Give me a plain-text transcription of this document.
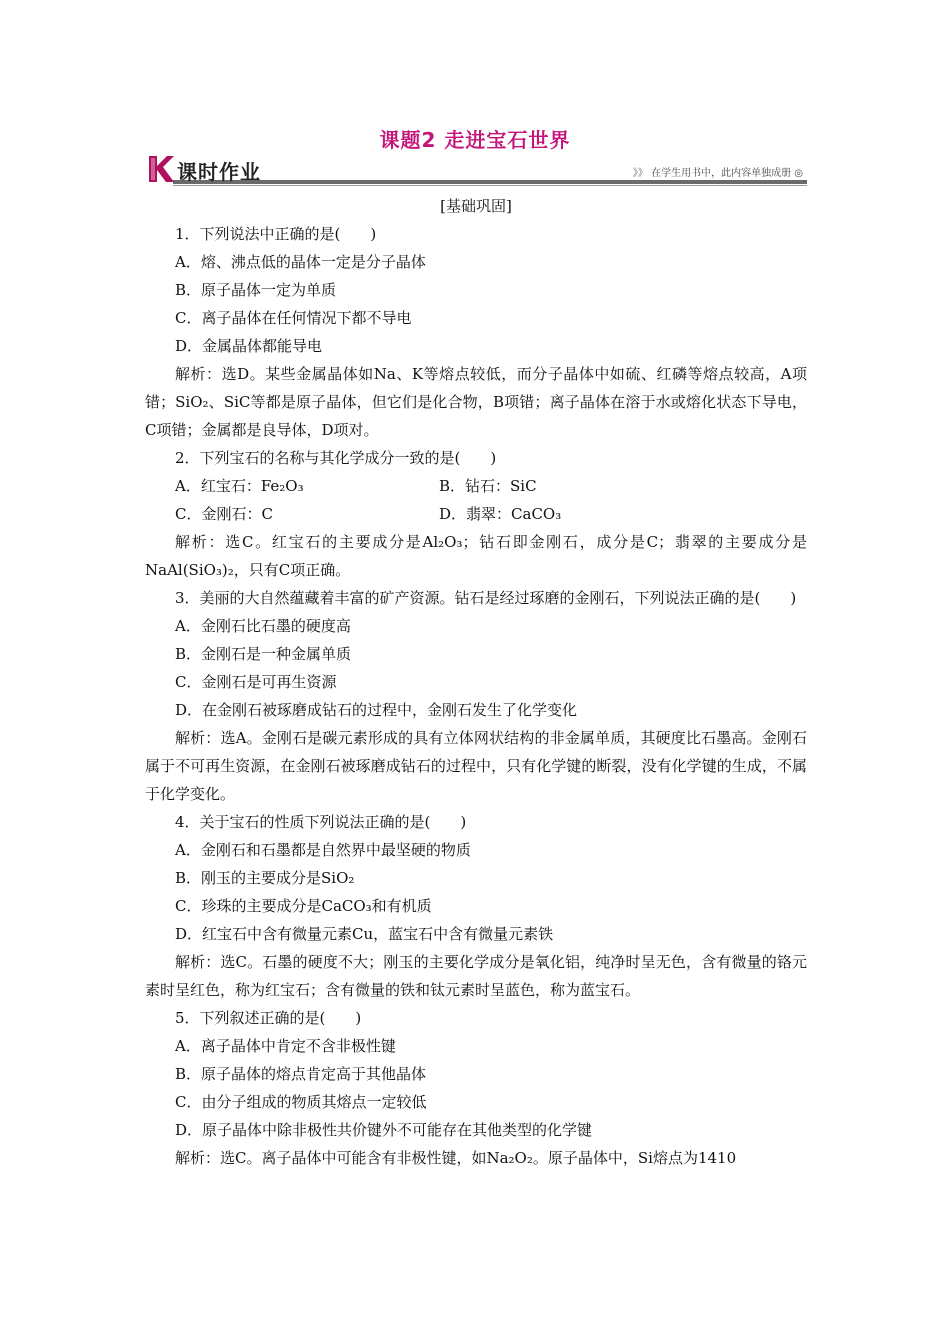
课题2 走进宝石世界
课时作业	》》 在学生用书中，此内容单独成册 ◎
[基础巩固]

1．下列说法中正确的是(　　)

A．熔、沸点低的晶体一定是分子晶体

B．原子晶体一定为单质

C．离子晶体在任何情况下都不导电

D．金属晶体都能导电

解析：选D。某些金属晶体如Na、K等熔点较低，而分子晶体中如硫、红磷等熔点较高，A项错；SiO₂、SiC等都是原子晶体，但它们是化合物，B项错；离子晶体在溶于水或熔化状态下导电，C项错；金属都是良导体，D项对。

2．下列宝石的名称与其化学成分一致的是(　　)

A．红宝石：Fe₂O₃	B．钻石：SiC
C．金刚石：C	D．翡翠：CaCO₃

解析：选C。红宝石的主要成分是Al₂O₃；钻石即金刚石，成分是C；翡翠的主要成分是NaAl(SiO₃)₂，只有C项正确。

3．美丽的大自然蕴藏着丰富的矿产资源。钻石是经过琢磨的金刚石，下列说法正确的是(　　)

A．金刚石比石墨的硬度高

B．金刚石是一种金属单质

C．金刚石是可再生资源

D．在金刚石被琢磨成钻石的过程中，金刚石发生了化学变化

解析：选A。金刚石是碳元素形成的具有立体网状结构的非金属单质，其硬度比石墨高。金刚石属于不可再生资源，在金刚石被琢磨成钻石的过程中，只有化学键的断裂，没有化学键的生成，不属于化学变化。

4．关于宝石的性质下列说法正确的是(　　)

A．金刚石和石墨都是自然界中最坚硬的物质

B．刚玉的主要成分是SiO₂

C．珍珠的主要成分是CaCO₃和有机质

D．红宝石中含有微量元素Cu，蓝宝石中含有微量元素铁

解析：选C。石墨的硬度不大；刚玉的主要化学成分是氧化铝，纯净时呈无色，含有微量的铬元素时呈红色，称为红宝石；含有微量的铁和钛元素时呈蓝色，称为蓝宝石。

5．下列叙述正确的是(　　)

A．离子晶体中肯定不含非极性键

B．原子晶体的熔点肯定高于其他晶体

C．由分子组成的物质其熔点一定较低

D．原子晶体中除非极性共价键外不可能存在其他类型的化学键

解析：选C。离子晶体中可能含有非极性键，如Na₂O₂。原子晶体中，Si熔点为1410
